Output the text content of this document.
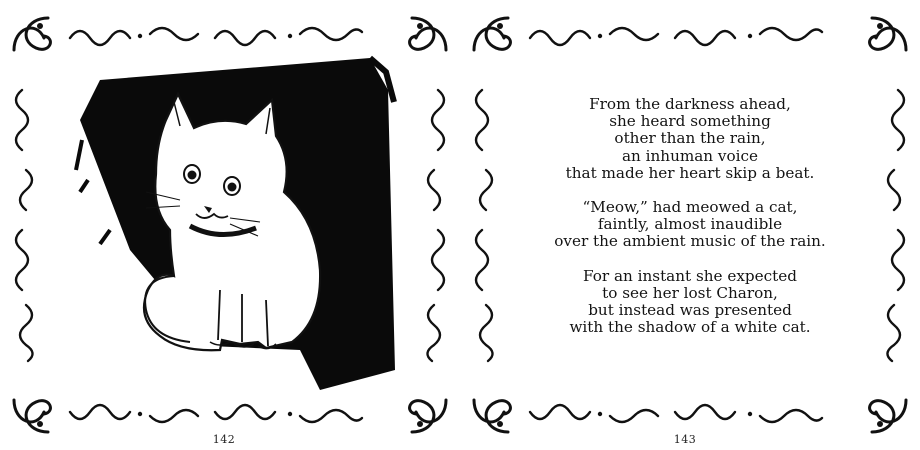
142
From the darkness ahead,
she heard something
other than the rain,
an inhuman voice
that made her heart skip a beat.
“Meow,” had meowed a cat,
faintly, almost inaudible
over the ambient music of the rain.
For an instant she expected
to see her lost Charon,
but instead was presented
with the shadow of a white cat.
143
